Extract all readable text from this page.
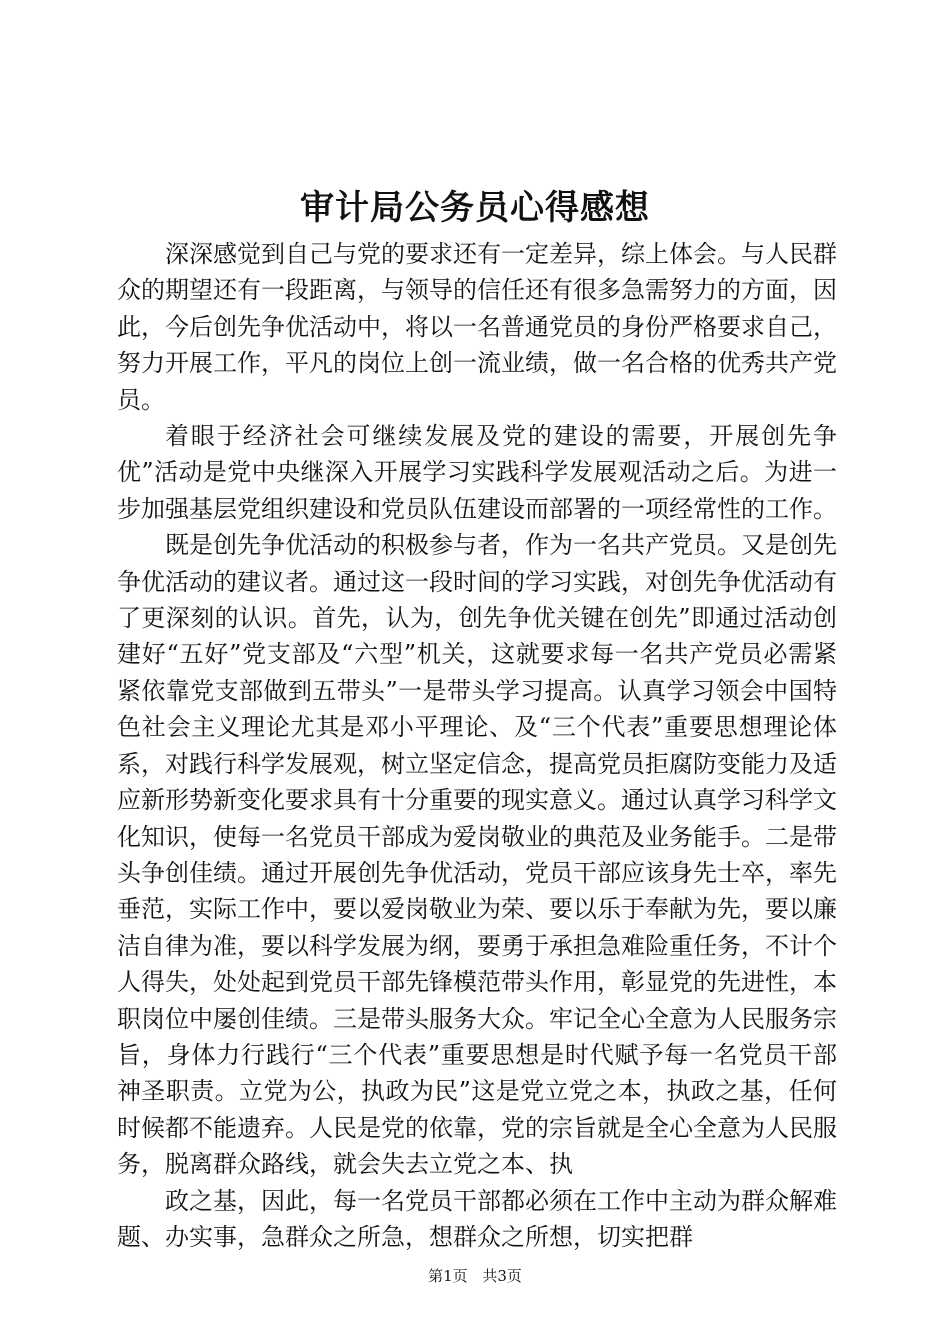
审计局公务员心得感想

深深感觉到自己与党的要求还有一定差异，综上体会。与人民群众的期望还有一段距离，与领导的信任还有很多急需努力的方面，因此，今后创先争优活动中，将以一名普通党员的身份严格要求自己，努力开展工作，平凡的岗位上创一流业绩，做一名合格的优秀共产党员。

着眼于经济社会可继续发展及党的建设的需要，开展创先争优”活动是党中央继深入开展学习实践科学发展观活动之后。为进一步加强基层党组织建设和党员队伍建设而部署的一项经常性的工作。

既是创先争优活动的积极参与者，作为一名共产党员。又是创先争优活动的建议者。通过这一段时间的学习实践，对创先争优活动有了更深刻的认识。首先，认为，创先争优关键在创先”即通过活动创建好“五好”党支部及“六型”机关，这就要求每一名共产党员必需紧紧依靠党支部做到五带头”一是带头学习提高。认真学习领会中国特色社会主义理论尤其是邓小平理论、及“三个代表”重要思想理论体系，对践行科学发展观，树立坚定信念，提高党员拒腐防变能力及适应新形势新变化要求具有十分重要的现实意义。通过认真学习科学文化知识，使每一名党员干部成为爱岗敬业的典范及业务能手。二是带头争创佳绩。通过开展创先争优活动，党员干部应该身先士卒，率先垂范，实际工作中，要以爱岗敬业为荣、要以乐于奉献为先，要以廉洁自律为准，要以科学发展为纲，要勇于承担急难险重任务，不计个人得失，处处起到党员干部先锋模范带头作用，彰显党的先进性，本职岗位中屡创佳绩。三是带头服务大众。牢记全心全意为人民服务宗旨，身体力行践行“三个代表”重要思想是时代赋予每一名党员干部神圣职责。立党为公，执政为民”这是党立党之本，执政之基，任何时候都不能遗弃。人民是党的依靠，党的宗旨就是全心全意为人民服务，脱离群众路线，就会失去立党之本、执

政之基，因此，每一名党员干部都必须在工作中主动为群众解难题、办实事，急群众之所急，想群众之所想，切实把群

第1页 共3页
